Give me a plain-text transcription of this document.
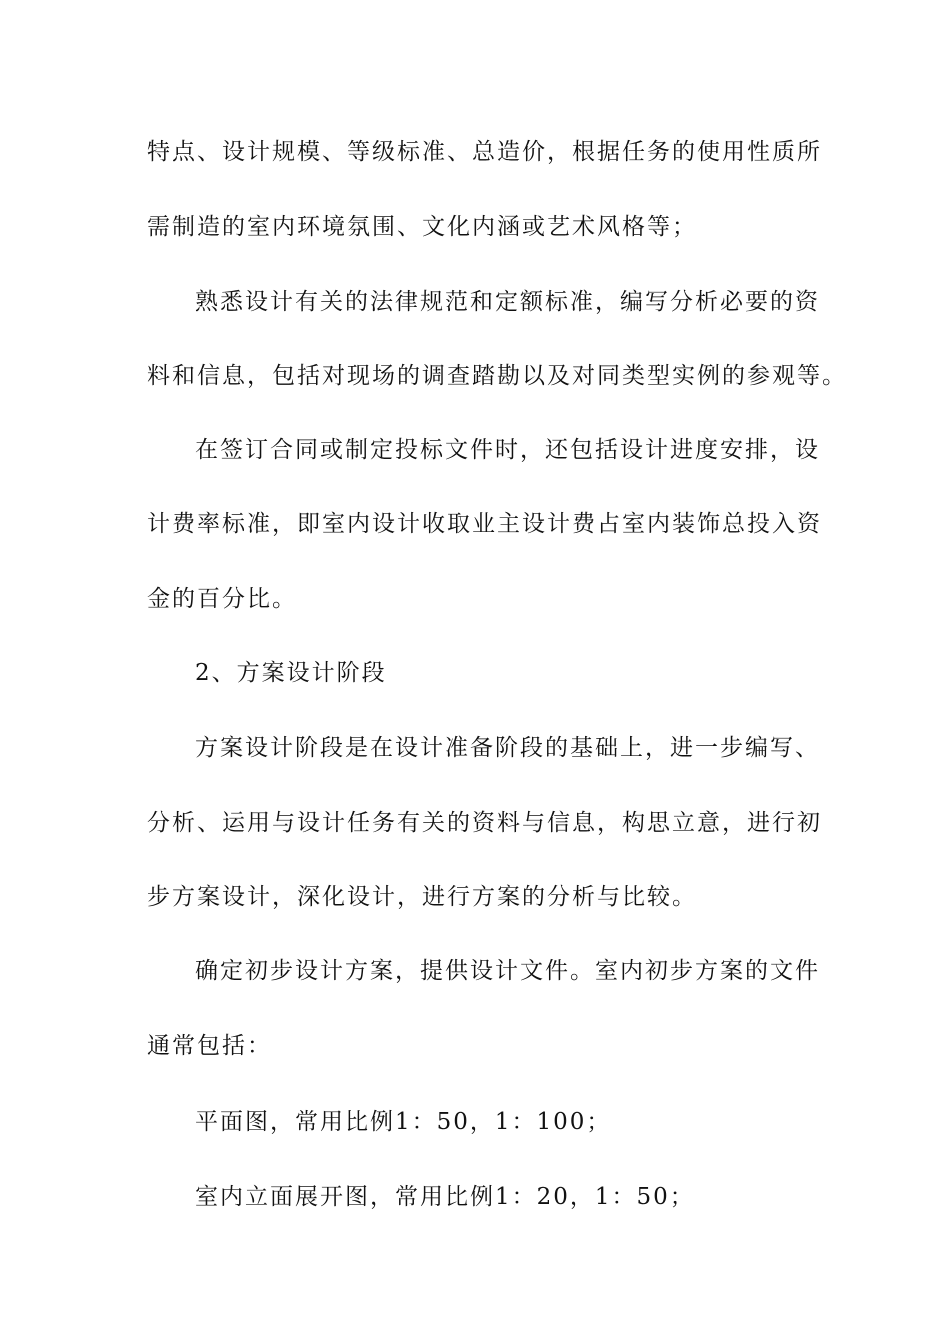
特点、设计规模、等级标准、总造价，根据任务的使用性质所
需制造的室内环境氛围、文化内涵或艺术风格等；
熟悉设计有关的法律规范和定额标准，编写分析必要的资
料和信息，包括对现场的调查踏勘以及对同类型实例的参观等。
在签订合同或制定投标文件时，还包括设计进度安排，设
计费率标准，即室内设计收取业主设计费占室内装饰总投入资
金的百分比。
2、方案设计阶段
方案设计阶段是在设计准备阶段的基础上，进一步编写、
分析、运用与设计任务有关的资料与信息，构思立意，进行初
步方案设计，深化设计，进行方案的分析与比较。
确定初步设计方案，提供设计文件。室内初步方案的文件
通常包括：
平面图，常用比例1：50，1：100；
室内立面展开图，常用比例1：20，1：50；
